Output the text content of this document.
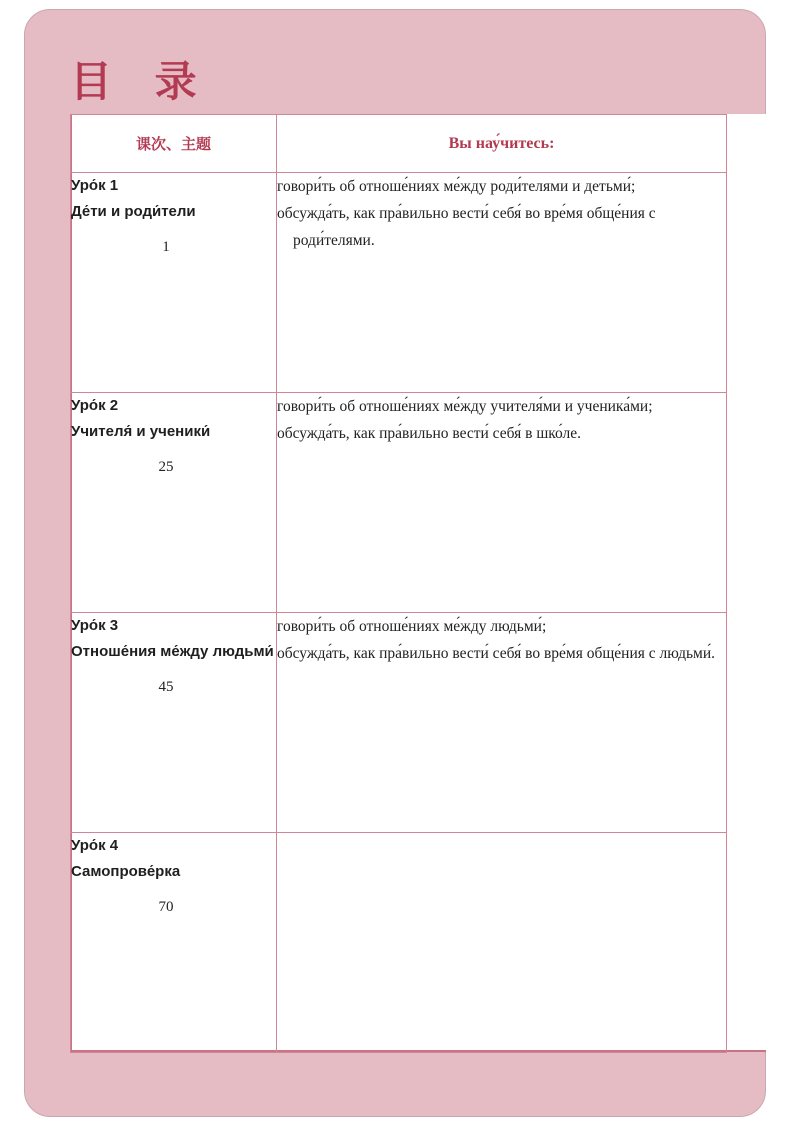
目 录
课次、主题	Вы нау́читесь:

Уро́к 1
Де́ти и роди́тели
1	говори́ть об отноше́ниях ме́жду роди́телями и детьми́;
обсужда́ть, как пра́вильно вести́ себя́ во вре́мя обще́ния с роди́телями.

Уро́к 2
Учителя́ и ученики́
25	говори́ть об отноше́ниях ме́жду учителя́ми и ученика́ми;
обсужда́ть, как пра́вильно вести́ себя́ в шко́ле.

Уро́к 3
Отноше́ния ме́жду людьми́
45	говори́ть об отноше́ниях ме́жду людьми́;
обсужда́ть, как пра́вильно вести́ себя́ во вре́мя обще́ния с людьми́.

Уро́к 4
Самопрове́рка
70	
